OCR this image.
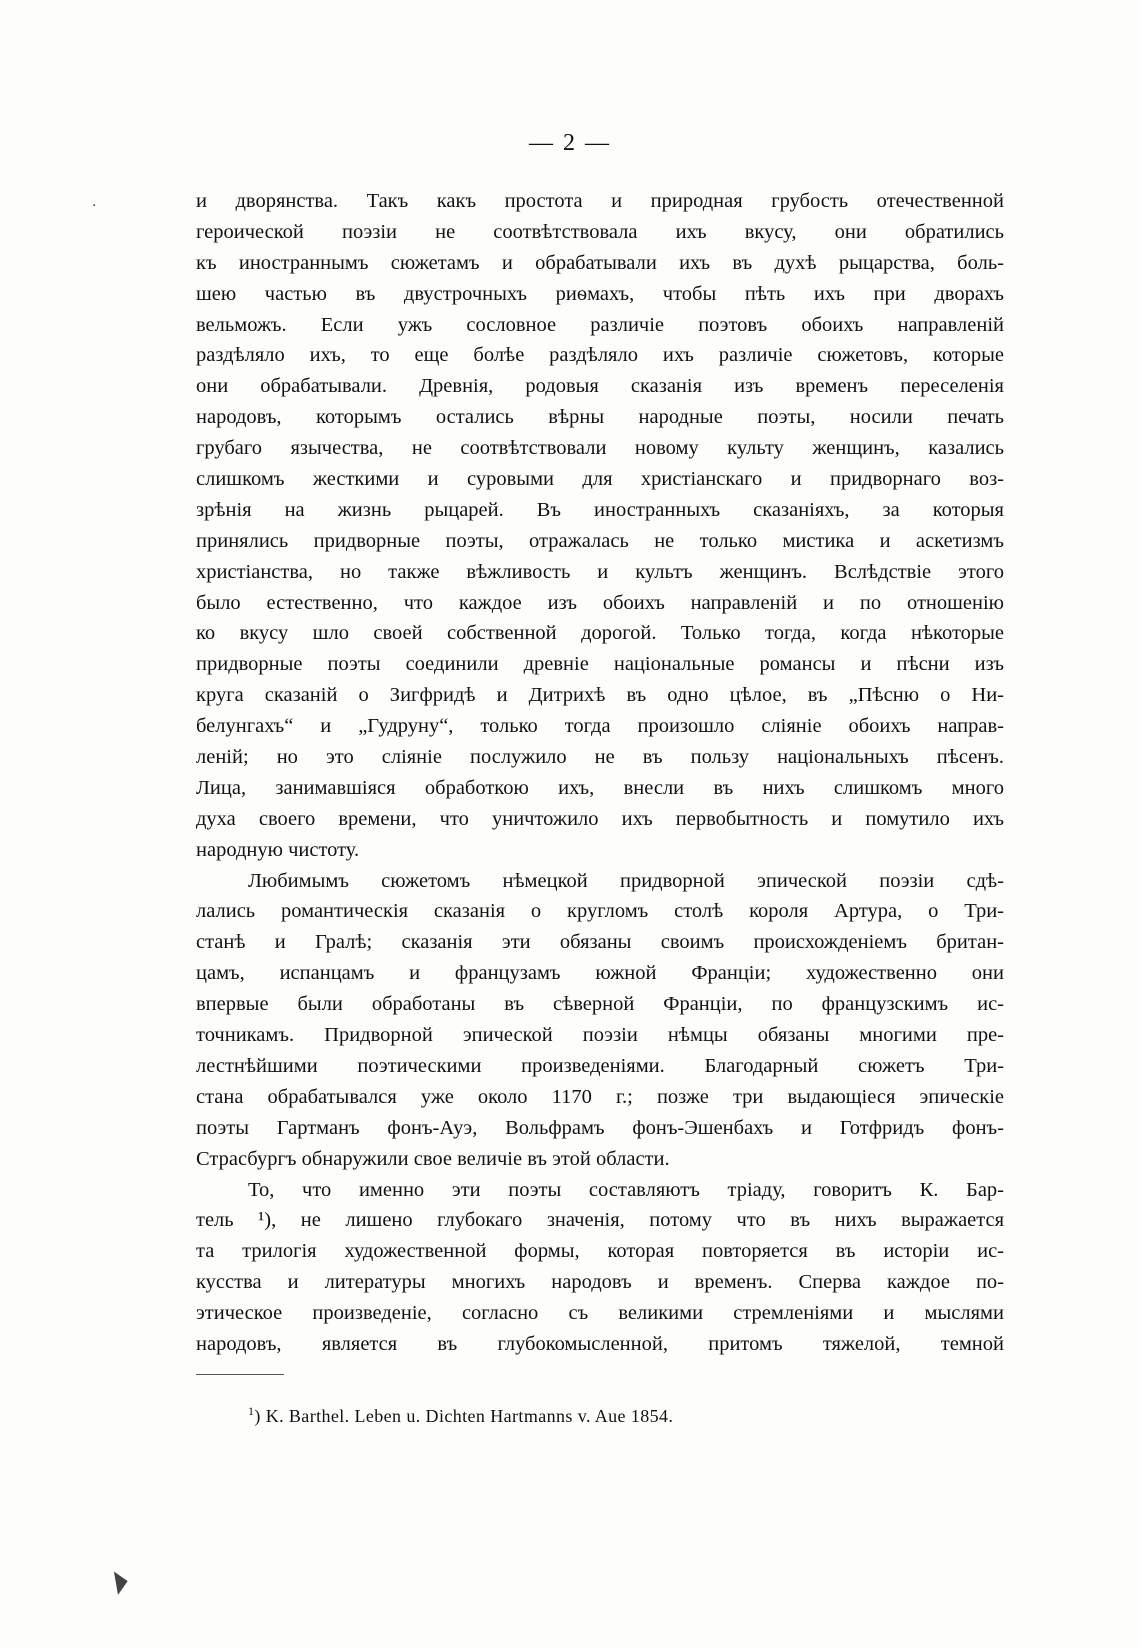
— 2 —
и дворянства. Такъ какъ простота и природная грубость отечественной
героической поэзіи не соотвѣтствовала ихъ вкусу, они обратились
къ иностраннымъ сюжетамъ и обрабатывали ихъ въ духѣ рыцарства, боль-
шею частью въ двустрочныхъ риѳмахъ, чтобы пѣть ихъ при дворахъ
вельможъ. Если ужъ сословное различіе поэтовъ обоихъ направленій
раздѣляло ихъ, то еще болѣе раздѣляло ихъ различіе сюжетовъ, которые
они обрабатывали. Древнія, родовыя сказанія изъ временъ переселенія
народовъ, которымъ остались вѣрны народные поэты, носили печать
грубаго язычества, не соотвѣтствовали новому культу женщинъ, казались
слишкомъ жесткими и суровыми для христіанскаго и придворнаго воз-
зрѣнія на жизнь рыцарей. Въ иностранныхъ сказаніяхъ, за которыя
принялись придворные поэты, отражалась не только мистика и аскетизмъ
христіанства, но также вѣжливость и культъ женщинъ. Вслѣдствіе этого
было естественно, что каждое изъ обоихъ направленій и по отношенію
ко вкусу шло своей собственной дорогой. Только тогда, когда нѣкоторые
придворные поэты соединили древніе національные романсы и пѣсни изъ
круга сказаній о Зигфридѣ и Дитрихѣ въ одно цѣлое, въ „Пѣсню о Ни-
белунгахъ“ и „Гудруну“, только тогда произошло сліяніе обоихъ направ-
леній; но это сліяніе послужило не въ пользу національныхъ пѣсенъ.
Лица, занимавшіяся обработкою ихъ, внесли въ нихъ слишкомъ много
духа своего времени, что уничтожило ихъ первобытность и помутило ихъ
народную чистоту.
Любимымъ сюжетомъ нѣмецкой придворной эпической поэзіи сдѣ-
лались романтическія сказанія о кругломъ столѣ короля Артура, о Три-
станѣ и Гралѣ; сказанія эти обязаны своимъ происхожденіемъ британ-
цамъ, испанцамъ и французамъ южной Франціи; художественно они
впервые были обработаны въ сѣверной Франціи, по французскимъ ис-
точникамъ. Придворной эпической поэзіи нѣмцы обязаны многими пре-
лестнѣйшими поэтическими произведеніями. Благодарный сюжетъ Три-
стана обрабатывался уже около 1170 г.; позже три выдающіеся эпическіе
поэты Гартманъ фонъ-Ауэ, Вольфрамъ фонъ-Эшенбахъ и Готфридъ фонъ-
Страсбургъ обнаружили свое величіе въ этой области.
То, что именно эти поэты составляютъ тріаду, говоритъ К. Бар-
тель ¹), не лишено глубокаго значенія, потому что въ нихъ выражается
та трилогія художественной формы, которая повторяется въ исторіи ис-
кусства и литературы многихъ народовъ и временъ. Сперва каждое по-
этическое произведеніе, согласно съ великими стремленіями и мыслями
народовъ, является въ глубокомысленной, притомъ тяжелой, темной
$^1$) K. Barthel. Leben u. Dichten Hartmanns v. Aue 1854.
·
◥
